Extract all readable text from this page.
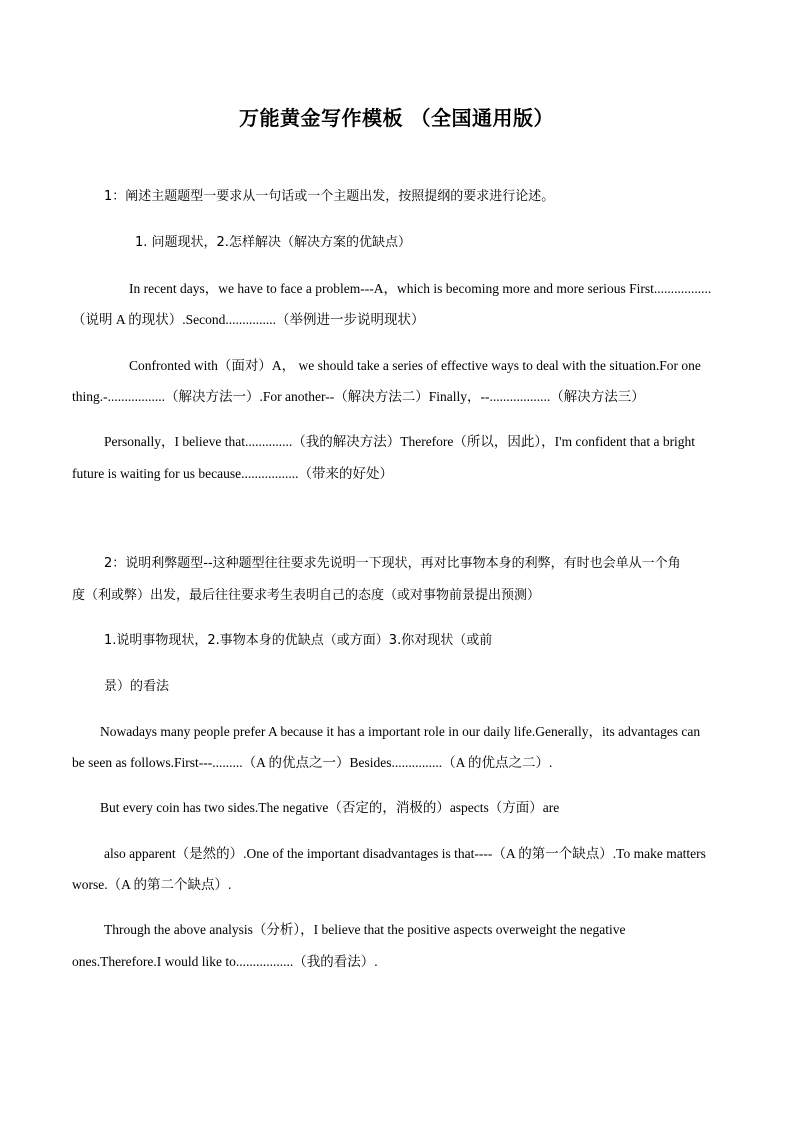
万能黄金写作模板 （全国通用版）
1：阐述主题题型一要求从一句话或一个主题出发，按照提纲的要求进行论述。
1. 问题现状，2.怎样解决（解决方案的优缺点）
In recent days，we have to face a problem---A，which is becoming more and more serious First.................
（说明 A 的现状）.Second...............（举例进一步说明现状）
Confronted with（面对）A， we should take a series of effective ways to deal with the situation.For one
thing.-.................（解决方法一）.For another--（解决方法二）Finally，--..................（解决方法三）
Personally，I believe that..............（我的解决方法）Therefore（所以，因此），I'm confident that a bright
future is waiting for us because.................（带来的好处）
2：说明利弊题型--这种题型往往要求先说明一下现状，再对比事物本身的利弊，有时也会单从一个角
度（利或弊）出发，最后往往要求考生表明自己的态度（或对事物前景提出预测）
1.说明事物现状，2.事物本身的优缺点（或方面）3.你对现状（或前
景）的看法
Nowadays many people prefer A because it has a important role in our daily life.Generally，its advantages can
be seen as follows.First---.........（A 的优点之一）Besides...............（A 的优点之二）.
But every coin has two sides.The negative（否定的，消极的）aspects（方面）are
also apparent（是然的）.One of the important disadvantages is that----（A 的第一个缺点）.To make matters
worse.（A 的第二个缺点）.
Through the above analysis（分析），I believe that the positive aspects overweight the negative
ones.Therefore.I would like to.................（我的看法）.
